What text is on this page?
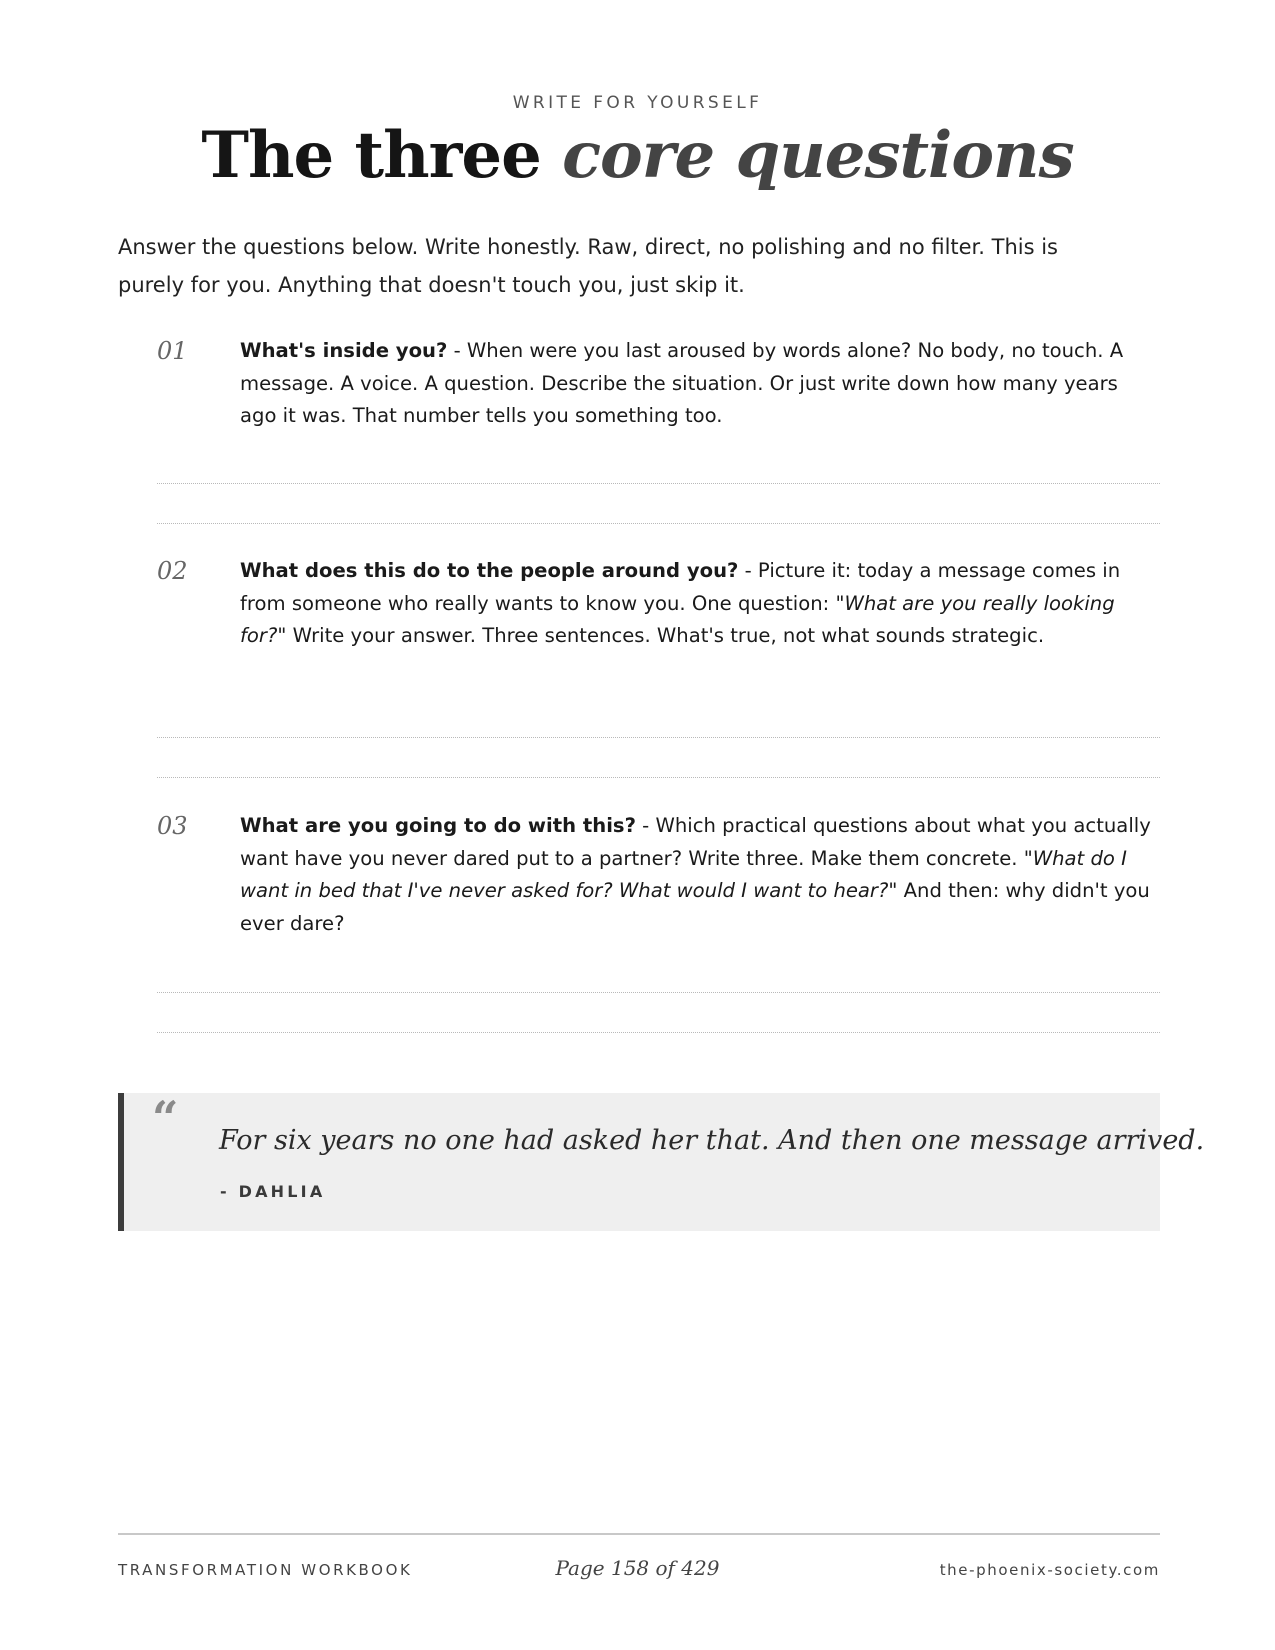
WRITE FOR YOURSELF
The three core questions
Answer the questions below. Write honestly. Raw, direct, no polishing and no filter. This is purely for you. Anything that doesn't touch you, just skip it.
01	What's inside you? - When were you last aroused by words alone? No body, no touch. A message. A voice. A question. Describe the situation. Or just write down how many years ago it was. That number tells you something too.
02	What does this do to the people around you? - Picture it: today a message comes in from someone who really wants to know you. One question: "What are you really looking for?" Write your answer. Three sentences. What's true, not what sounds strategic.
03	What are you going to do with this? - Which practical questions about what you actually want have you never dared put to a partner? Write three. Make them concrete. "What do I want in bed that I've never asked for? What would I want to hear?" And then: why didn't you ever dare?
“ For six years no one had asked her that. And then one message arrived.
- DAHLIA
TRANSFORMATION WORKBOOK	Page 158 of 429	the-phoenix-society.com
